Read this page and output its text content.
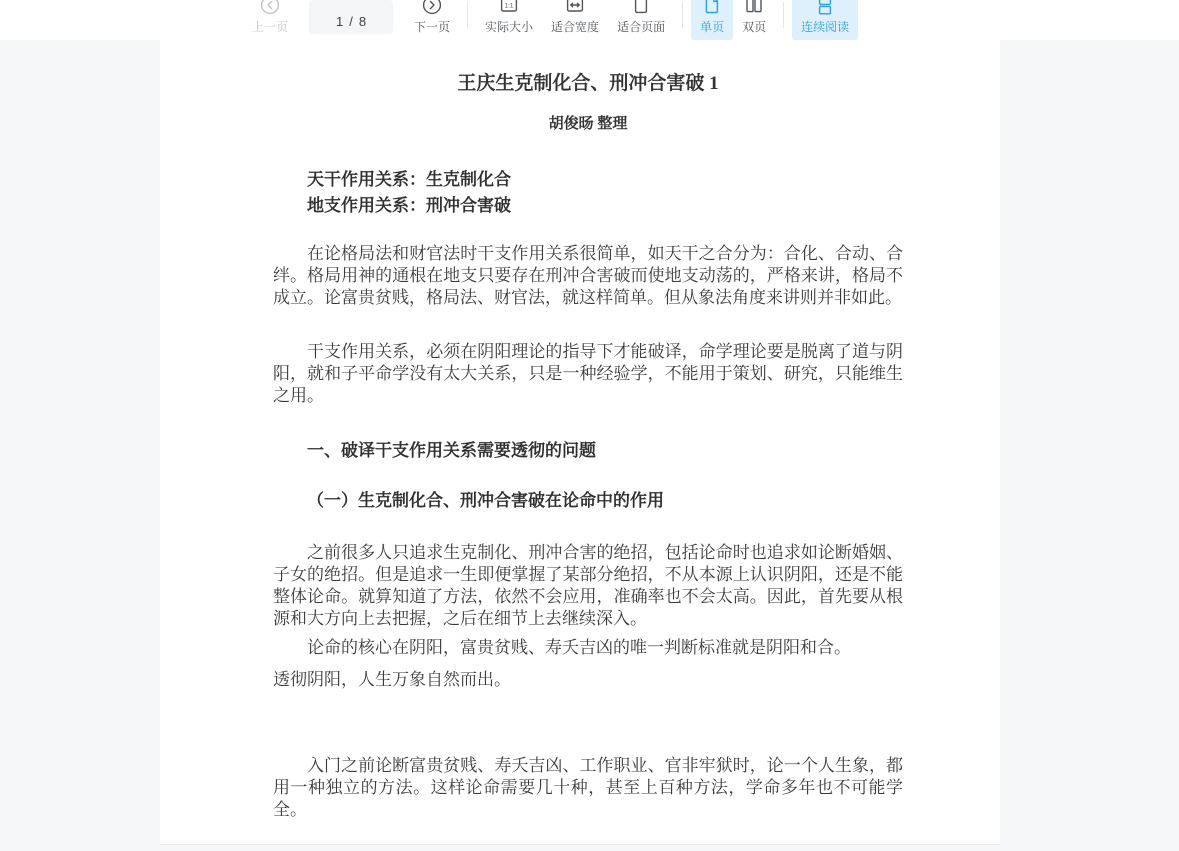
上一页	1 / 8	下一页
1:1
实际大小 适合宽度 适合页面	单页 双页	连续阅读
王庆生克制化合、刑冲合害破 1
胡俊旸 整理
天干作用关系：生克制化合
地支作用关系：刑冲合害破

在论格局法和财官法时干支作用关系很简单，如天干之合分为：合化、合动、合绊。格局用神的通根在地支只要存在刑冲合害破而使地支动荡的，严格来讲，格局不成立。论富贵贫贱，格局法、财官法，就这样简单。但从象法角度来讲则并非如此。

干支作用关系，必须在阴阳理论的指导下才能破译，命学理论要是脱离了道与阴阳，就和子平命学没有太大关系，只是一种经验学，不能用于策划、研究，只能维生之用。

一、破译干支作用关系需要透彻的问题
（一）生克制化合、刑冲合害破在论命中的作用

之前很多人只追求生克制化、刑冲合害的绝招，包括论命时也追求如论断婚姻、子女的绝招。但是追求一生即便掌握了某部分绝招，不从本源上认识阴阳，还是不能整体论命。就算知道了方法，依然不会应用，准确率也不会太高。因此，首先要从根源和大方向上去把握，之后在细节上去继续深入。

论命的核心在阴阳，富贵贫贱、寿夭吉凶的唯一判断标准就是阴阳和合。

透彻阴阳，人生万象自然而出。

入门之前论断富贵贫贱、寿夭吉凶、工作职业、官非牢狱时，论一个人生象，都用一种独立的方法。这样论命需要几十种，甚至上百种方法，学命多年也不可能学全。
